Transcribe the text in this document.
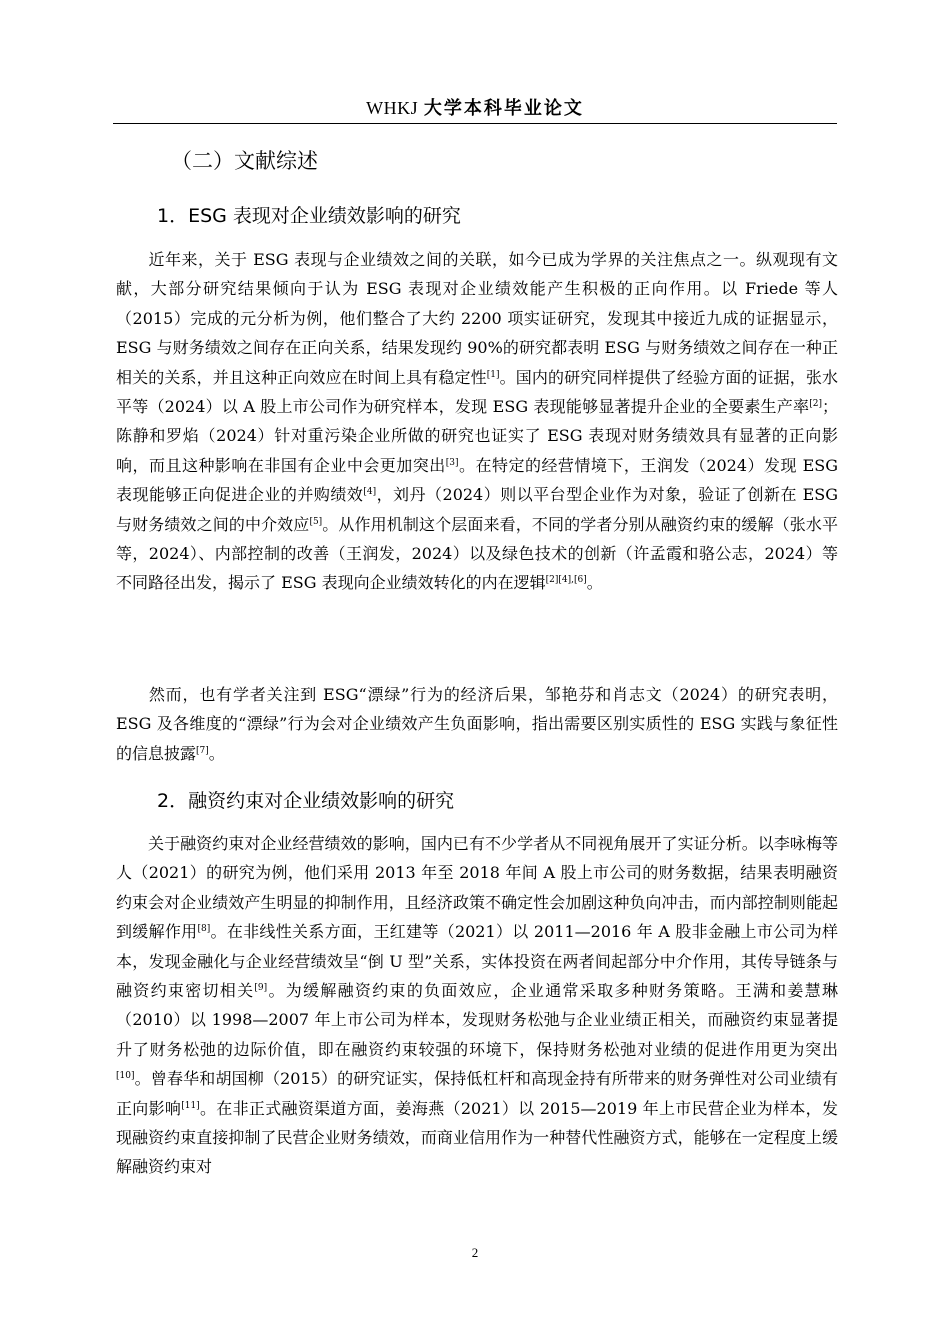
WHKJ 大学本科毕业论文
（二）文献综述
1．ESG 表现对企业绩效影响的研究

近年来，关于 ESG 表现与企业绩效之间的关联，如今已成为学界的关注焦点之一。纵观现有文献，大部分研究结果倾向于认为 ESG 表现对企业绩效能产生积极的正向作用。以 Friede 等人（2015）完成的元分析为例，他们整合了大约 2200 项实证研究，发现其中接近九成的证据显示，ESG 与财务绩效之间存在正向关系，结果发现约 90%的研究都表明 ESG 与财务绩效之间存在一种正相关的关系，并且这种正向效应在时间上具有稳定性[1]。国内的研究同样提供了经验方面的证据，张水平等（2024）以 A 股上市公司作为研究样本，发现 ESG 表现能够显著提升企业的全要素生产率[2]；陈静和罗焰（2024）针对重污染企业所做的研究也证实了 ESG 表现对财务绩效具有显著的正向影响，而且这种影响在非国有企业中会更加突出[3]。在特定的经营情境下，王润发（2024）发现 ESG 表现能够正向促进企业的并购绩效[4]，刘丹（2024）则以平台型企业作为对象，验证了创新在 ESG 与财务绩效之间的中介效应[5]。从作用机制这个层面来看，不同的学者分别从融资约束的缓解（张水平等，2024）、内部控制的改善（王润发，2024）以及绿色技术的创新（许孟霞和骆公志，2024）等不同路径出发，揭示了 ESG 表现向企业绩效转化的内在逻辑[2][4],[6]。

然而，也有学者关注到 ESG“漂绿”行为的经济后果，邹艳芬和肖志文（2024）的研究表明，ESG 及各维度的“漂绿”行为会对企业绩效产生负面影响，指出需要区别实质性的 ESG 实践与象征性的信息披露[7]。

2．融资约束对企业绩效影响的研究

关于融资约束对企业经营绩效的影响，国内已有不少学者从不同视角展开了实证分析。以李咏梅等人（2021）的研究为例，他们采用 2013 年至 2018 年间 A 股上市公司的财务数据，结果表明融资约束会对企业绩效产生明显的抑制作用，且经济政策不确定性会加剧这种负向冲击，而内部控制则能起到缓解作用[8]。在非线性关系方面，王红建等（2021）以 2011—2016 年 A 股非金融上市公司为样本，发现金融化与企业经营绩效呈“倒 U 型”关系，实体投资在两者间起部分中介作用，其传导链条与融资约束密切相关[9]。为缓解融资约束的负面效应，企业通常采取多种财务策略。王满和姜慧琳（2010）以 1998—2007 年上市公司为样本，发现财务松弛与企业业绩正相关，而融资约束显著提升了财务松弛的边际价值，即在融资约束较强的环境下，保持财务松弛对业绩的促进作用更为突出[10]。曾春华和胡国柳（2015）的研究证实，保持低杠杆和高现金持有所带来的财务弹性对公司业绩有正向影响[11]。在非正式融资渠道方面，姜海燕（2021）以 2015—2019 年上市民营企业为样本，发现融资约束直接抑制了民营企业财务绩效，而商业信用作为一种替代性融资方式，能够在一定程度上缓解融资约束对

2
